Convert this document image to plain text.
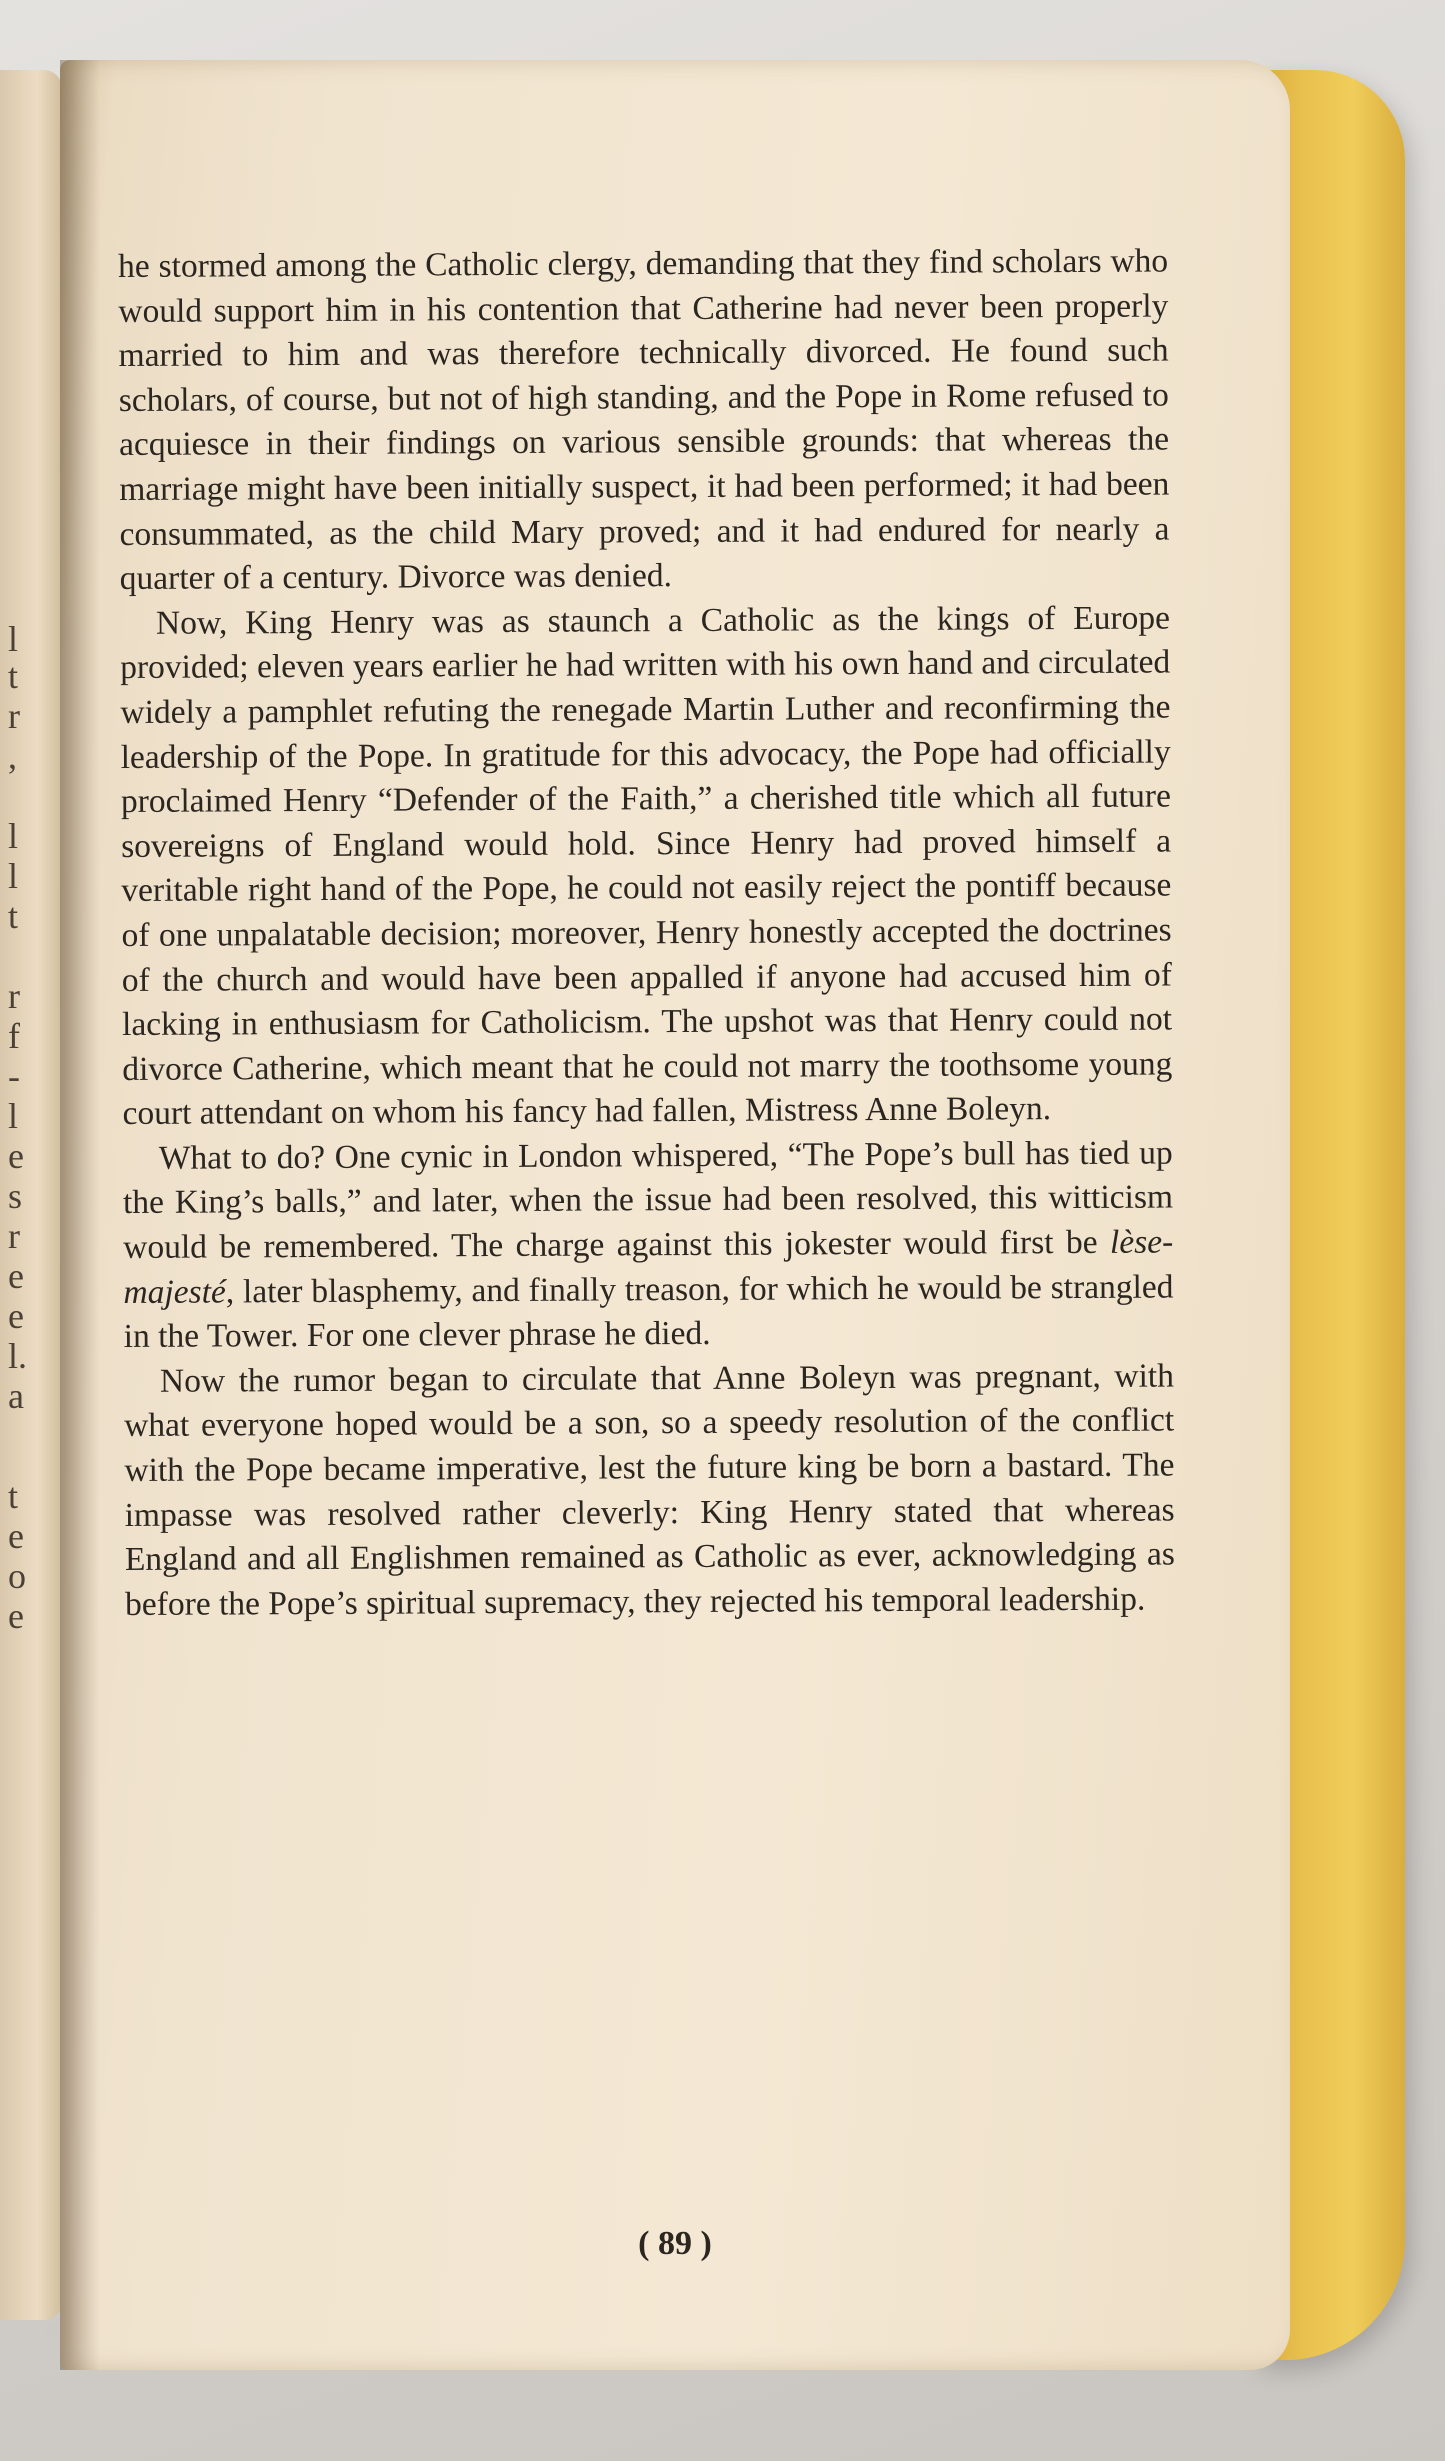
l
t
r
,
l
l
t
r
f
-
l
e
s
r
e
e
l.
a
t
e
o
e
( 89 )

he stormed among the Catholic clergy, demanding that they find scholars who would support him in his contention that Catherine had never been properly married to him and was therefore technically divorced. He found such scholars, of course, but not of high standing, and the Pope in Rome refused to acquiesce in their findings on various sensible grounds: that whereas the marriage might have been initially suspect, it had been performed; it had been consummated, as the child Mary proved; and it had endured for nearly a quarter of a century. Divorce was denied.

Now, King Henry was as staunch a Catholic as the kings of Europe provided; eleven years earlier he had written with his own hand and circulated widely a pamphlet refuting the renegade Martin Luther and reconfirming the leadership of the Pope. In gratitude for this advocacy, the Pope had officially proclaimed Henry “Defender of the Faith,” a cherished title which all future sovereigns of England would hold. Since Henry had proved himself a veritable right hand of the Pope, he could not easily reject the pontiff because of one unpalatable decision; moreover, Henry honestly accepted the doctrines of the church and would have been appalled if anyone had accused him of lacking in enthusiasm for Catholicism. The upshot was that Henry could not divorce Catherine, which meant that he could not marry the toothsome young court attendant on whom his fancy had fallen, Mistress Anne Boleyn.

What to do? One cynic in London whispered, “The Pope’s bull has tied up the King’s balls,” and later, when the issue had been resolved, this witticism would be remembered. The charge against this jokester would first be lèse-majesté, later blasphemy, and finally treason, for which he would be strangled in the Tower. For one clever phrase he died.

Now the rumor began to circulate that Anne Boleyn was pregnant, with what everyone hoped would be a son, so a speedy resolution of the conflict with the Pope became imperative, lest the future king be born a bastard. The impasse was resolved rather cleverly: King Henry stated that whereas England and all Englishmen remained as Catholic as ever, acknowledging as before the Pope’s spiritual supremacy, they rejected his temporal leadership.
